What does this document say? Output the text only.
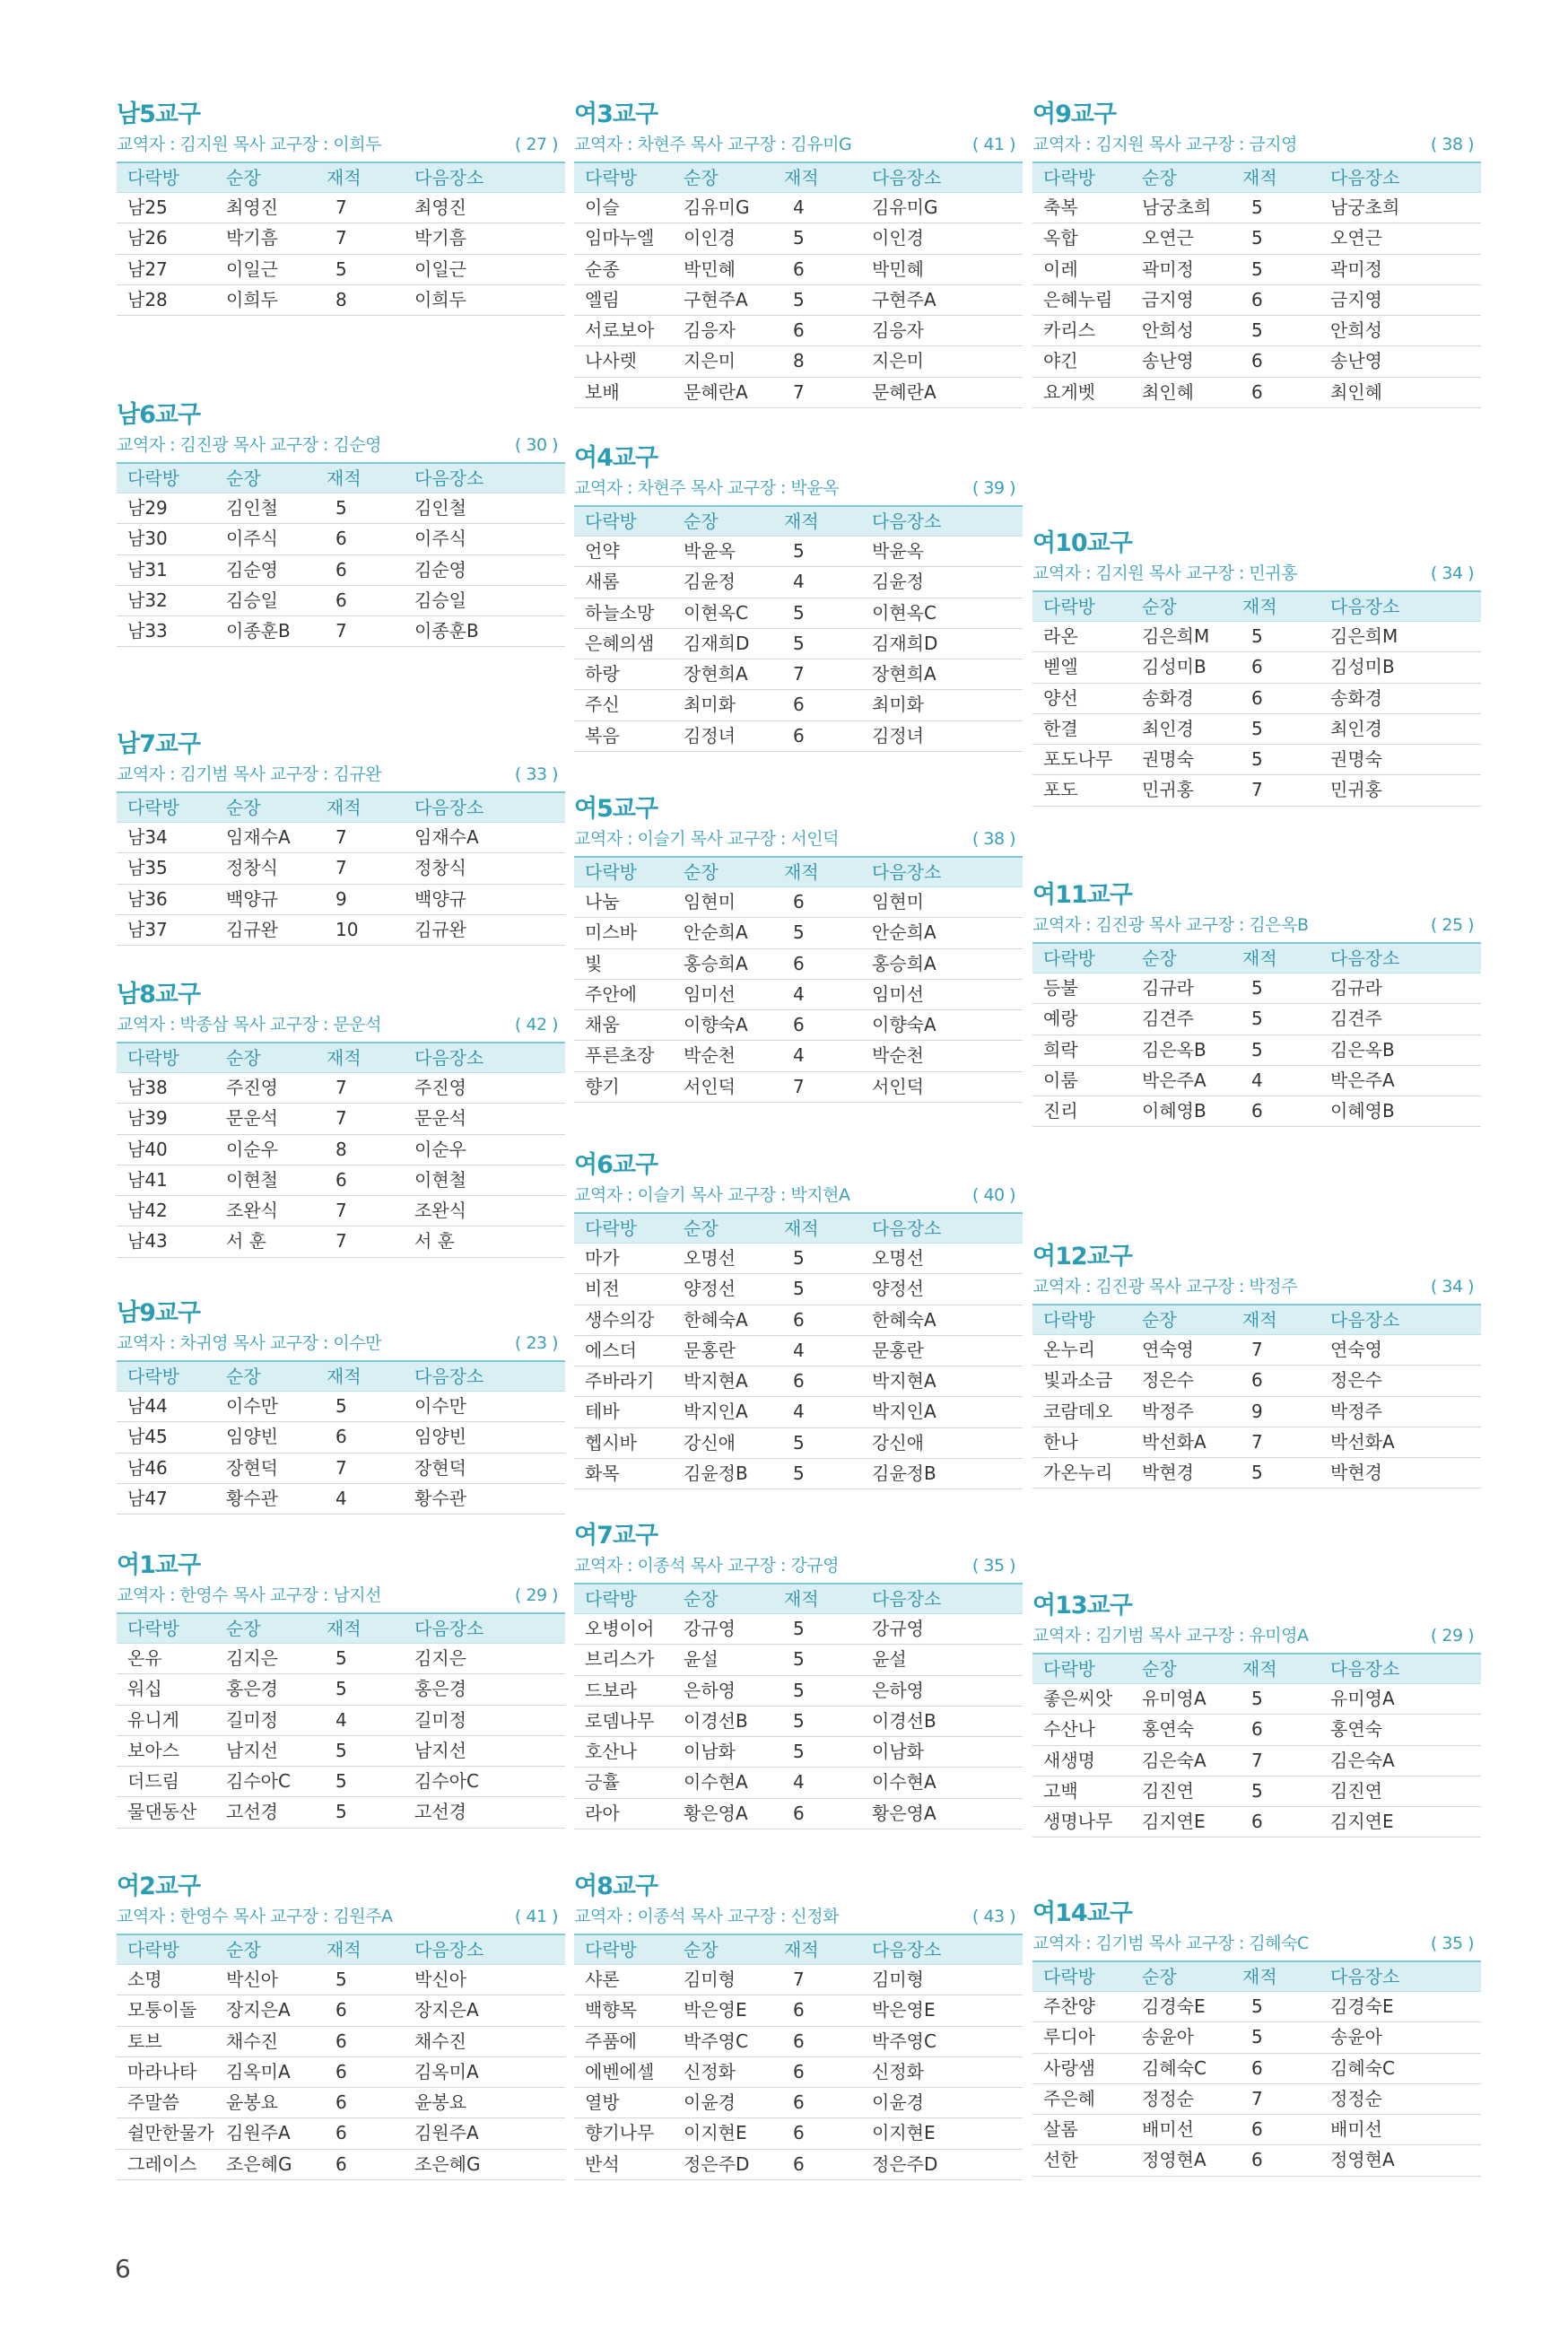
남5교구
교역자 : 김지원 목사 교구장 : 이희두	( 27 )
다락방	순장	재적	다음장소
남25	최영진	7	최영진
남26	박기흠	7	박기흠
남27	이일근	5	이일근
남28	이희두	8	이희두
남6교구
교역자 : 김진광 목사 교구장 : 김순영	( 30 )
다락방	순장	재적	다음장소
남29	김인철	5	김인철
남30	이주식	6	이주식
남31	김순영	6	김순영
남32	김승일	6	김승일
남33	이종훈B	7	이종훈B
남7교구
교역자 : 김기범 목사 교구장 : 김규완	( 33 )
다락방	순장	재적	다음장소
남34	임재수A	7	임재수A
남35	정창식	7	정창식
남36	백양규	9	백양규
남37	김규완	10	김규완
남8교구
교역자 : 박종삼 목사 교구장 : 문운석	( 42 )
다락방	순장	재적	다음장소
남38	주진영	7	주진영
남39	문운석	7	문운석
남40	이순우	8	이순우
남41	이현철	6	이현철
남42	조완식	7	조완식
남43	서 훈	7	서 훈
남9교구
교역자 : 차귀영 목사 교구장 : 이수만	( 23 )
다락방	순장	재적	다음장소
남44	이수만	5	이수만
남45	임양빈	6	임양빈
남46	장현덕	7	장현덕
남47	황수관	4	황수관
여1교구
교역자 : 한영수 목사 교구장 : 남지선	( 29 )
다락방	순장	재적	다음장소
온유	김지은	5	김지은
워십	홍은경	5	홍은경
유니게	길미정	4	길미정
보아스	남지선	5	남지선
더드림	김수아C	5	김수아C
물댄동산	고선경	5	고선경
여2교구
교역자 : 한영수 목사 교구장 : 김원주A	( 41 )
다락방	순장	재적	다음장소
소명	박신아	5	박신아
모퉁이돌	장지은A	6	장지은A
토브	채수진	6	채수진
마라나타	김옥미A	6	김옥미A
주말씀	윤봉요	6	윤봉요
쉴만한물가 김원주A	6	김원주A
그레이스	조은혜G	6	조은혜G
여3교구
교역자 : 차현주 목사 교구장 : 김유미G	( 41 )
다락방	순장	재적	다음장소
이슬	김유미G	4	김유미G
임마누엘	이인경	5	이인경
순종	박민혜	6	박민혜
엘림	구현주A	5	구현주A
서로보아	김응자	6	김응자
나사렛	지은미	8	지은미
보배	문혜란A	7	문혜란A
여4교구
교역자 : 차현주 목사 교구장 : 박윤옥	( 39 )
다락방	순장	재적	다음장소
언약	박윤옥	5	박윤옥
새롬	김윤정	4	김윤정
하늘소망	이현옥C	5	이현옥C
은혜의샘	김재희D	5	김재희D
하랑	장현희A	7	장현희A
주신	최미화	6	최미화
복음	김정녀	6	김정녀
여5교구
교역자 : 이슬기 목사 교구장 : 서인덕	( 38 )
다락방	순장	재적	다음장소
나눔	임현미	6	임현미
미스바	안순희A	5	안순희A
빛	홍승희A	6	홍승희A
주안에	임미선	4	임미선
채움	이향숙A	6	이향숙A
푸른초장	박순천	4	박순천
향기	서인덕	7	서인덕
여6교구
교역자 : 이슬기 목사 교구장 : 박지현A	( 40 )
다락방	순장	재적	다음장소
마가	오명선	5	오명선
비전	양정선	5	양정선
생수의강	한혜숙A	6	한혜숙A
에스더	문홍란	4	문홍란
주바라기	박지현A	6	박지현A
테바	박지인A	4	박지인A
헵시바	강신애	5	강신애
화목	김윤정B	5	김윤정B
여7교구
교역자 : 이종석 목사 교구장 : 강규영	( 35 )
다락방	순장	재적	다음장소
오병이어	강규영	5	강규영
브리스가	윤설	5	윤설
드보라	은하영	5	은하영
로뎀나무	이경선B	5	이경선B
호산나	이남화	5	이남화
긍휼	이수현A	4	이수현A
라아	황은영A	6	황은영A
여8교구
교역자 : 이종석 목사 교구장 : 신정화	( 43 )
다락방	순장	재적	다음장소
샤론	김미형	7	김미형
백향목	박은영E	6	박은영E
주품에	박주영C	6	박주영C
에벤에셀	신정화	6	신정화
열방	이윤경	6	이윤경
향기나무	이지현E	6	이지현E
반석	정은주D	6	정은주D
여9교구
교역자 : 김지원 목사 교구장 : 금지영	( 38 )
다락방	순장	재적	다음장소
축복	남궁초희	5	남궁초희
옥합	오연근	5	오연근
이레	곽미정	5	곽미정
은혜누림	금지영	6	금지영
카리스	안희성	5	안희성
야긴	송난영	6	송난영
요게벳	최인혜	6	최인혜
여10교구
교역자 : 김지원 목사 교구장 : 민귀홍	( 34 )
다락방	순장	재적	다음장소
라온	김은희M	5	김은희M
벧엘	김성미B	6	김성미B
양선	송화경	6	송화경
한결	최인경	5	최인경
포도나무	권명숙	5	권명숙
포도	민귀홍	7	민귀홍
여11교구
교역자 : 김진광 목사 교구장 : 김은옥B	( 25 )
다락방	순장	재적	다음장소
등불	김규라	5	김규라
예랑	김견주	5	김견주
희락	김은옥B	5	김은옥B
이룸	박은주A	4	박은주A
진리	이혜영B	6	이혜영B
여12교구
교역자 : 김진광 목사 교구장 : 박정주	( 34 )
다락방	순장	재적	다음장소
온누리	연숙영	7	연숙영
빛과소금	정은수	6	정은수
코람데오	박정주	9	박정주
한나	박선화A	7	박선화A
가온누리	박현경	5	박현경
여13교구
교역자 : 김기범 목사 교구장 : 유미영A	( 29 )
다락방	순장	재적	다음장소
좋은씨앗	유미영A	5	유미영A
수산나	홍연숙	6	홍연숙
새생명	김은숙A	7	김은숙A
고백	김진연	5	김진연
생명나무	김지연E	6	김지연E
여14교구
교역자 : 김기범 목사 교구장 : 김혜숙C	( 35 )
다락방	순장	재적	다음장소
주찬양	김경숙E	5	김경숙E
루디아	송윤아	5	송윤아
사랑샘	김혜숙C	6	김혜숙C
주은혜	정정순	7	정정순
살롬	배미선	6	배미선
선한	정영현A	6	정영현A
6
